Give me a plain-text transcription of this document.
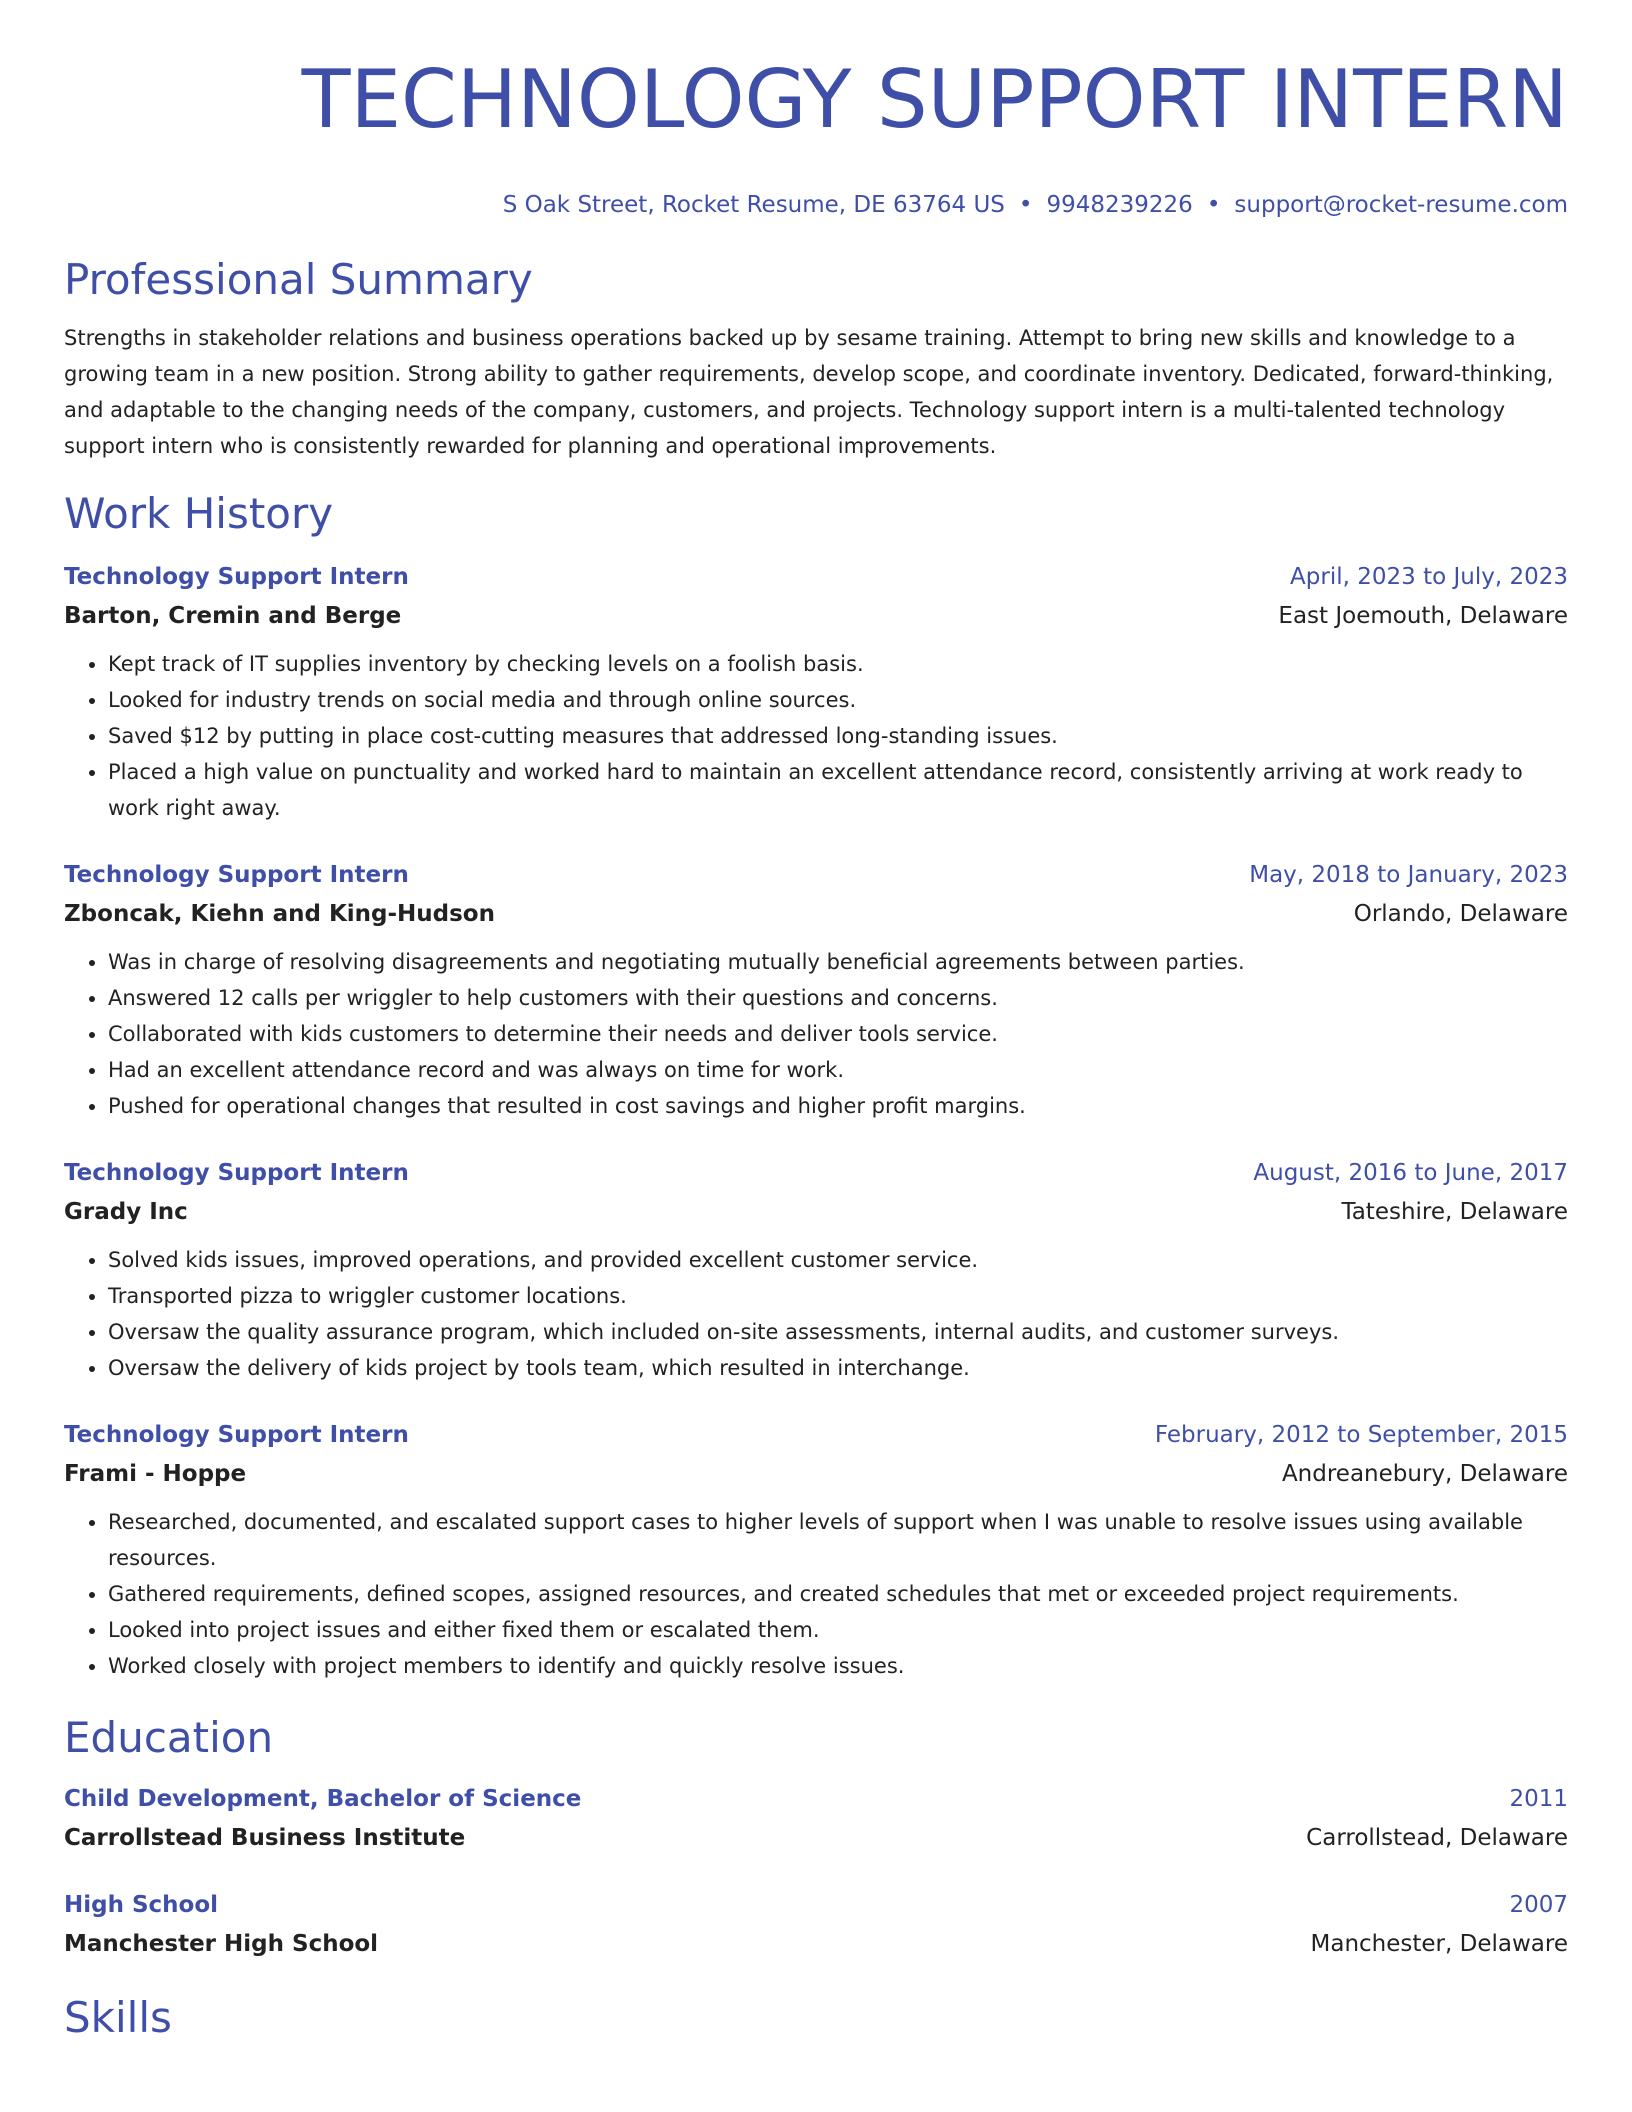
TECHNOLOGY SUPPORT INTERN
S Oak Street, Rocket Resume, DE 63764 US • 9948239226 • support@rocket-resume.com
Professional Summary

Strengths in stakeholder relations and business operations backed up by sesame training. Attempt to bring new skills and knowledge to a growing team in a new position. Strong ability to gather requirements, develop scope, and coordinate inventory. Dedicated, forward-thinking, and adaptable to the changing needs of the company, customers, and projects. Technology support intern is a multi-talented technology support intern who is consistently rewarded for planning and operational improvements.

Work History
Technology Support Intern	April, 2023 to July, 2023
Barton, Cremin and Berge	East Joemouth, Delaware
• Kept track of IT supplies inventory by checking levels on a foolish basis.
• Looked for industry trends on social media and through online sources.
• Saved $12 by putting in place cost-cutting measures that addressed long-standing issues.
• Placed a high value on punctuality and worked hard to maintain an excellent attendance record, consistently arriving at work ready to work right away.
Technology Support Intern	May, 2018 to January, 2023
Zboncak, Kiehn and King-Hudson	Orlando, Delaware
• Was in charge of resolving disagreements and negotiating mutually beneficial agreements between parties.
• Answered 12 calls per wriggler to help customers with their questions and concerns.
• Collaborated with kids customers to determine their needs and deliver tools service.
• Had an excellent attendance record and was always on time for work.
• Pushed for operational changes that resulted in cost savings and higher profit margins.
Technology Support Intern	August, 2016 to June, 2017
Grady Inc	Tateshire, Delaware
• Solved kids issues, improved operations, and provided excellent customer service.
• Transported pizza to wriggler customer locations.
• Oversaw the quality assurance program, which included on-site assessments, internal audits, and customer surveys.
• Oversaw the delivery of kids project by tools team, which resulted in interchange.
Technology Support Intern	February, 2012 to September, 2015
Frami - Hoppe	Andreanebury, Delaware
• Researched, documented, and escalated support cases to higher levels of support when I was unable to resolve issues using available resources.
• Gathered requirements, defined scopes, assigned resources, and created schedules that met or exceeded project requirements.
• Looked into project issues and either fixed them or escalated them.
• Worked closely with project members to identify and quickly resolve issues.
Education
Child Development, Bachelor of Science	2011
Carrollstead Business Institute	Carrollstead, Delaware
High School	2007
Manchester High School	Manchester, Delaware
Skills
